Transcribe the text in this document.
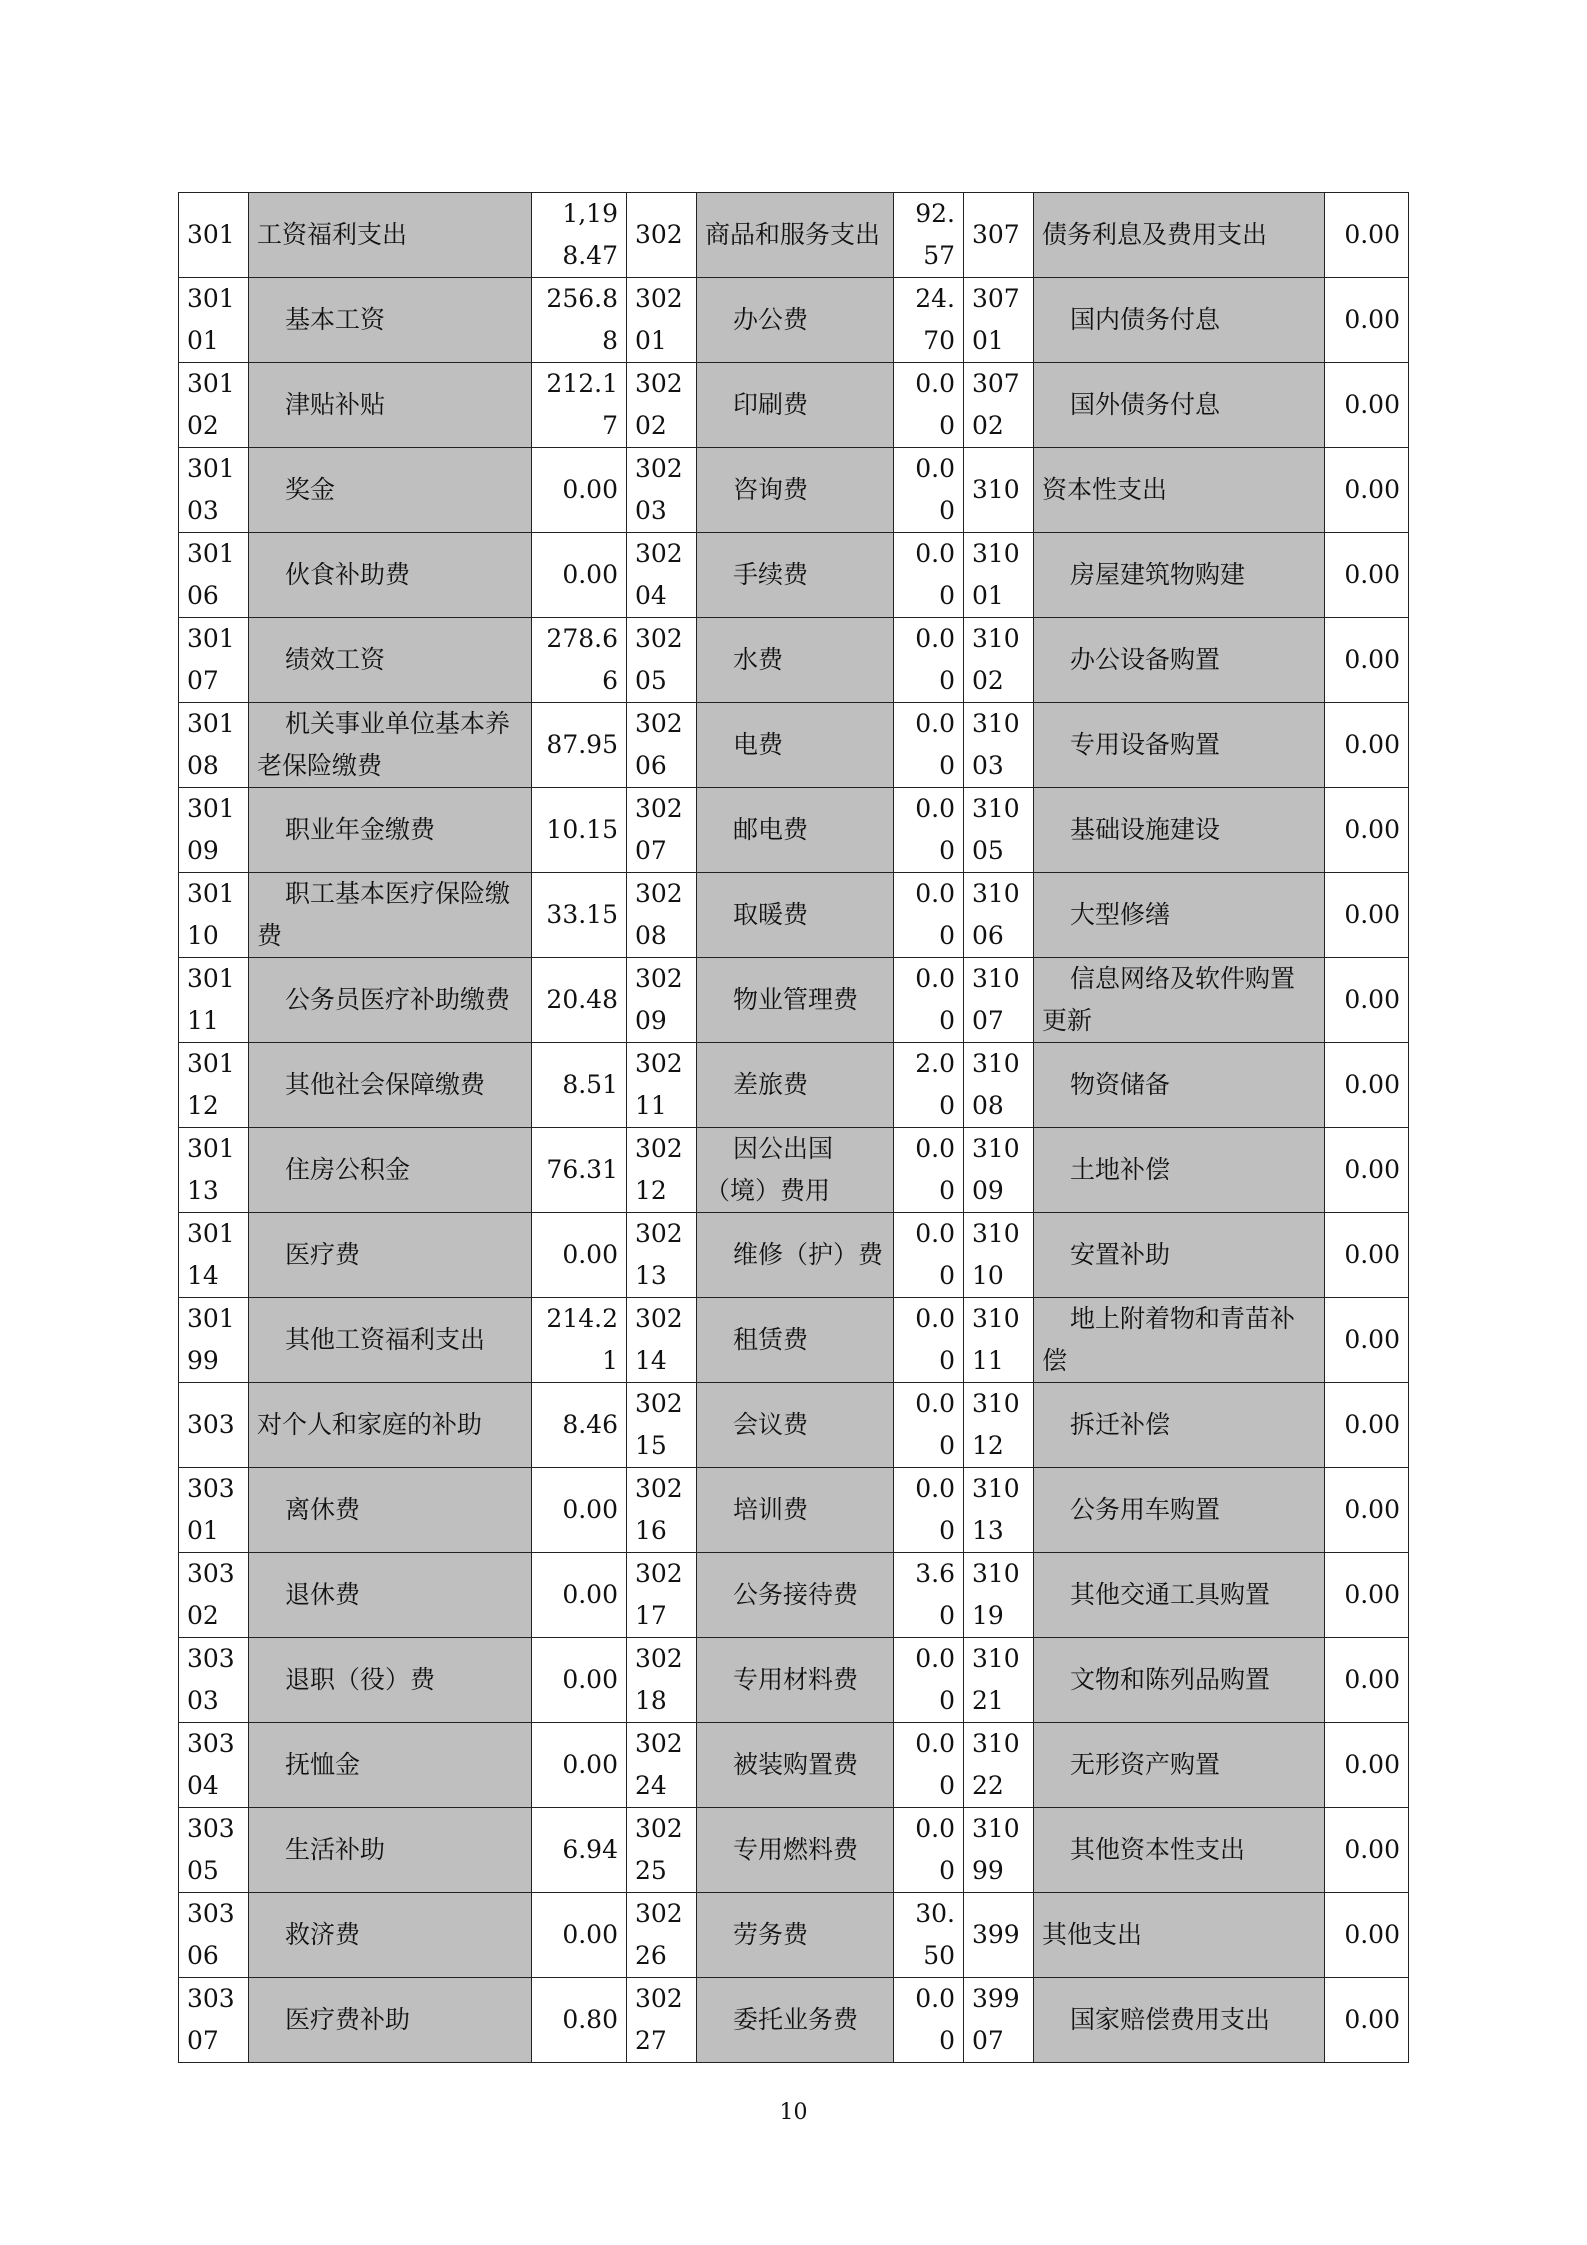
301	工资福利支出	1,198.47	302	商品和服务支出	92.57	307	债务利息及费用支出	0.00
30101	基本工资	256.88	30201	办公费	24.70	30701	国内债务付息	0.00
30102	津贴补贴	212.17	30202	印刷费	0.00	30702	国外债务付息	0.00
30103	奖金	0.00	30203	咨询费	0.00	310	资本性支出	0.00
30106	伙食补助费	0.00	30204	手续费	0.00	31001	房屋建筑物购建	0.00
30107	绩效工资	278.66	30205	水费	0.00	31002	办公设备购置	0.00
30108	机关事业单位基本养老保险缴费	87.95	30206	电费	0.00	31003	专用设备购置	0.00
30109	职业年金缴费	10.15	30207	邮电费	0.00	31005	基础设施建设	0.00
30110	职工基本医疗保险缴费	33.15	30208	取暖费	0.00	31006	大型修缮	0.00
30111	公务员医疗补助缴费	20.48	30209	物业管理费	0.00	31007	信息网络及软件购置更新	0.00
30112	其他社会保障缴费	8.51	30211	差旅费	2.00	31008	物资储备	0.00
30113	住房公积金	76.31	30212	因公出国（境）费用	0.00	31009	土地补偿	0.00
30114	医疗费	0.00	30213	维修（护）费	0.00	31010	安置补助	0.00
30199	其他工资福利支出	214.21	30214	租赁费	0.00	31011	地上附着物和青苗补偿	0.00
303	对个人和家庭的补助	8.46	30215	会议费	0.00	31012	拆迁补偿	0.00
30301	离休费	0.00	30216	培训费	0.00	31013	公务用车购置	0.00
30302	退休费	0.00	30217	公务接待费	3.60	31019	其他交通工具购置	0.00
30303	退职（役）费	0.00	30218	专用材料费	0.00	31021	文物和陈列品购置	0.00
30304	抚恤金	0.00	30224	被装购置费	0.00	31022	无形资产购置	0.00
30305	生活补助	6.94	30225	专用燃料费	0.00	31099	其他资本性支出	0.00
30306	救济费	0.00	30226	劳务费	30.50	399	其他支出	0.00
30307	医疗费补助	0.80	30227	委托业务费	0.00	39907	国家赔偿费用支出	0.00
10
